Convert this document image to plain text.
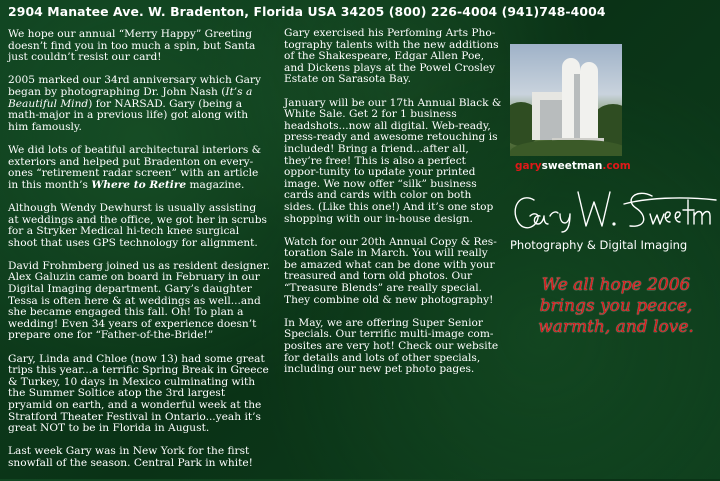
2904 Manatee Ave. W. Bradenton, Florida USA 34205 (800) 226-4004 (941)748-4004

We hope our annual “Merry Happy” Greeting doesn’t find you in too much a spin, but Santa just couldn’t resist our card!

2005 marked our 34rd anniversary which Gary began by photographing Dr. John Nash (It’s a Beautiful Mind) for NARSAD. Gary (being a math-major in a previous life) got along with him famously.

We did lots of beatiful architectural interiors & exteriors and helped put Bradenton on every-ones “retirement radar screen” with an article in this month’s Where to Retire magazine.

Although Wendy Dewhurst is usually assisting at weddings and the office, we got her in scrubs for a Stryker Medical hi-tech knee surgical shoot that uses GPS technology for alignment.

David Frohmberg joined us as resident designer. Alex Galuzin came on board in February in our Digital Imaging department. Gary’s daughter Tessa is often here & at weddings as well...and she became engaged this fall. Oh! To plan a wedding! Even 34 years of experience doesn’t prepare one for “Father-of-the-Bride!”

Gary, Linda and Chloe (now 13) had some great trips this year...a terrific Spring Break in Greece & Turkey, 10 days in Mexico culminating with the Summer Soltice atop the 3rd largest pryamid on earth, and a wonderful week at the Stratford Theater Festival in Ontario...yeah it’s great NOT to be in Florida in August.

Last week Gary was in New York for the first snowfall of the season. Central Park in white!

Gary exercised his Perfoming Arts Pho-tography talents with the new additions of the Shakespeare, Edgar Allen Poe, and Dickens plays at the Powel Crosley Estate on Sarasota Bay.

January will be our 17th Annual Black & White Sale. Get 2 for 1 business headshots...now all digital. Web-ready, press-ready and awesome retouching is included! Bring a friend...after all, they’re free! This is also a perfect oppor-tunity to update your printed image. We now offer “silk” business cards and cards with color on both sides. (Like this one!) And it’s one stop shopping with our in-house design.

Watch for our 20th Annual Copy & Res-toration Sale in March. You will really be amazed what can be done with your treasured and torn old photos. Our “Treasure Blends” are really special. They combine old & new photography!

In May, we are offering Super Senior Specials. Our terrific multi-image com-posites are very hot! Check our website for details and lots of other specials, including our new pet photo pages.

garysweetman.com
Photography & Digital Imaging
We all hope 2006
brings you peace,
warmth, and love.
